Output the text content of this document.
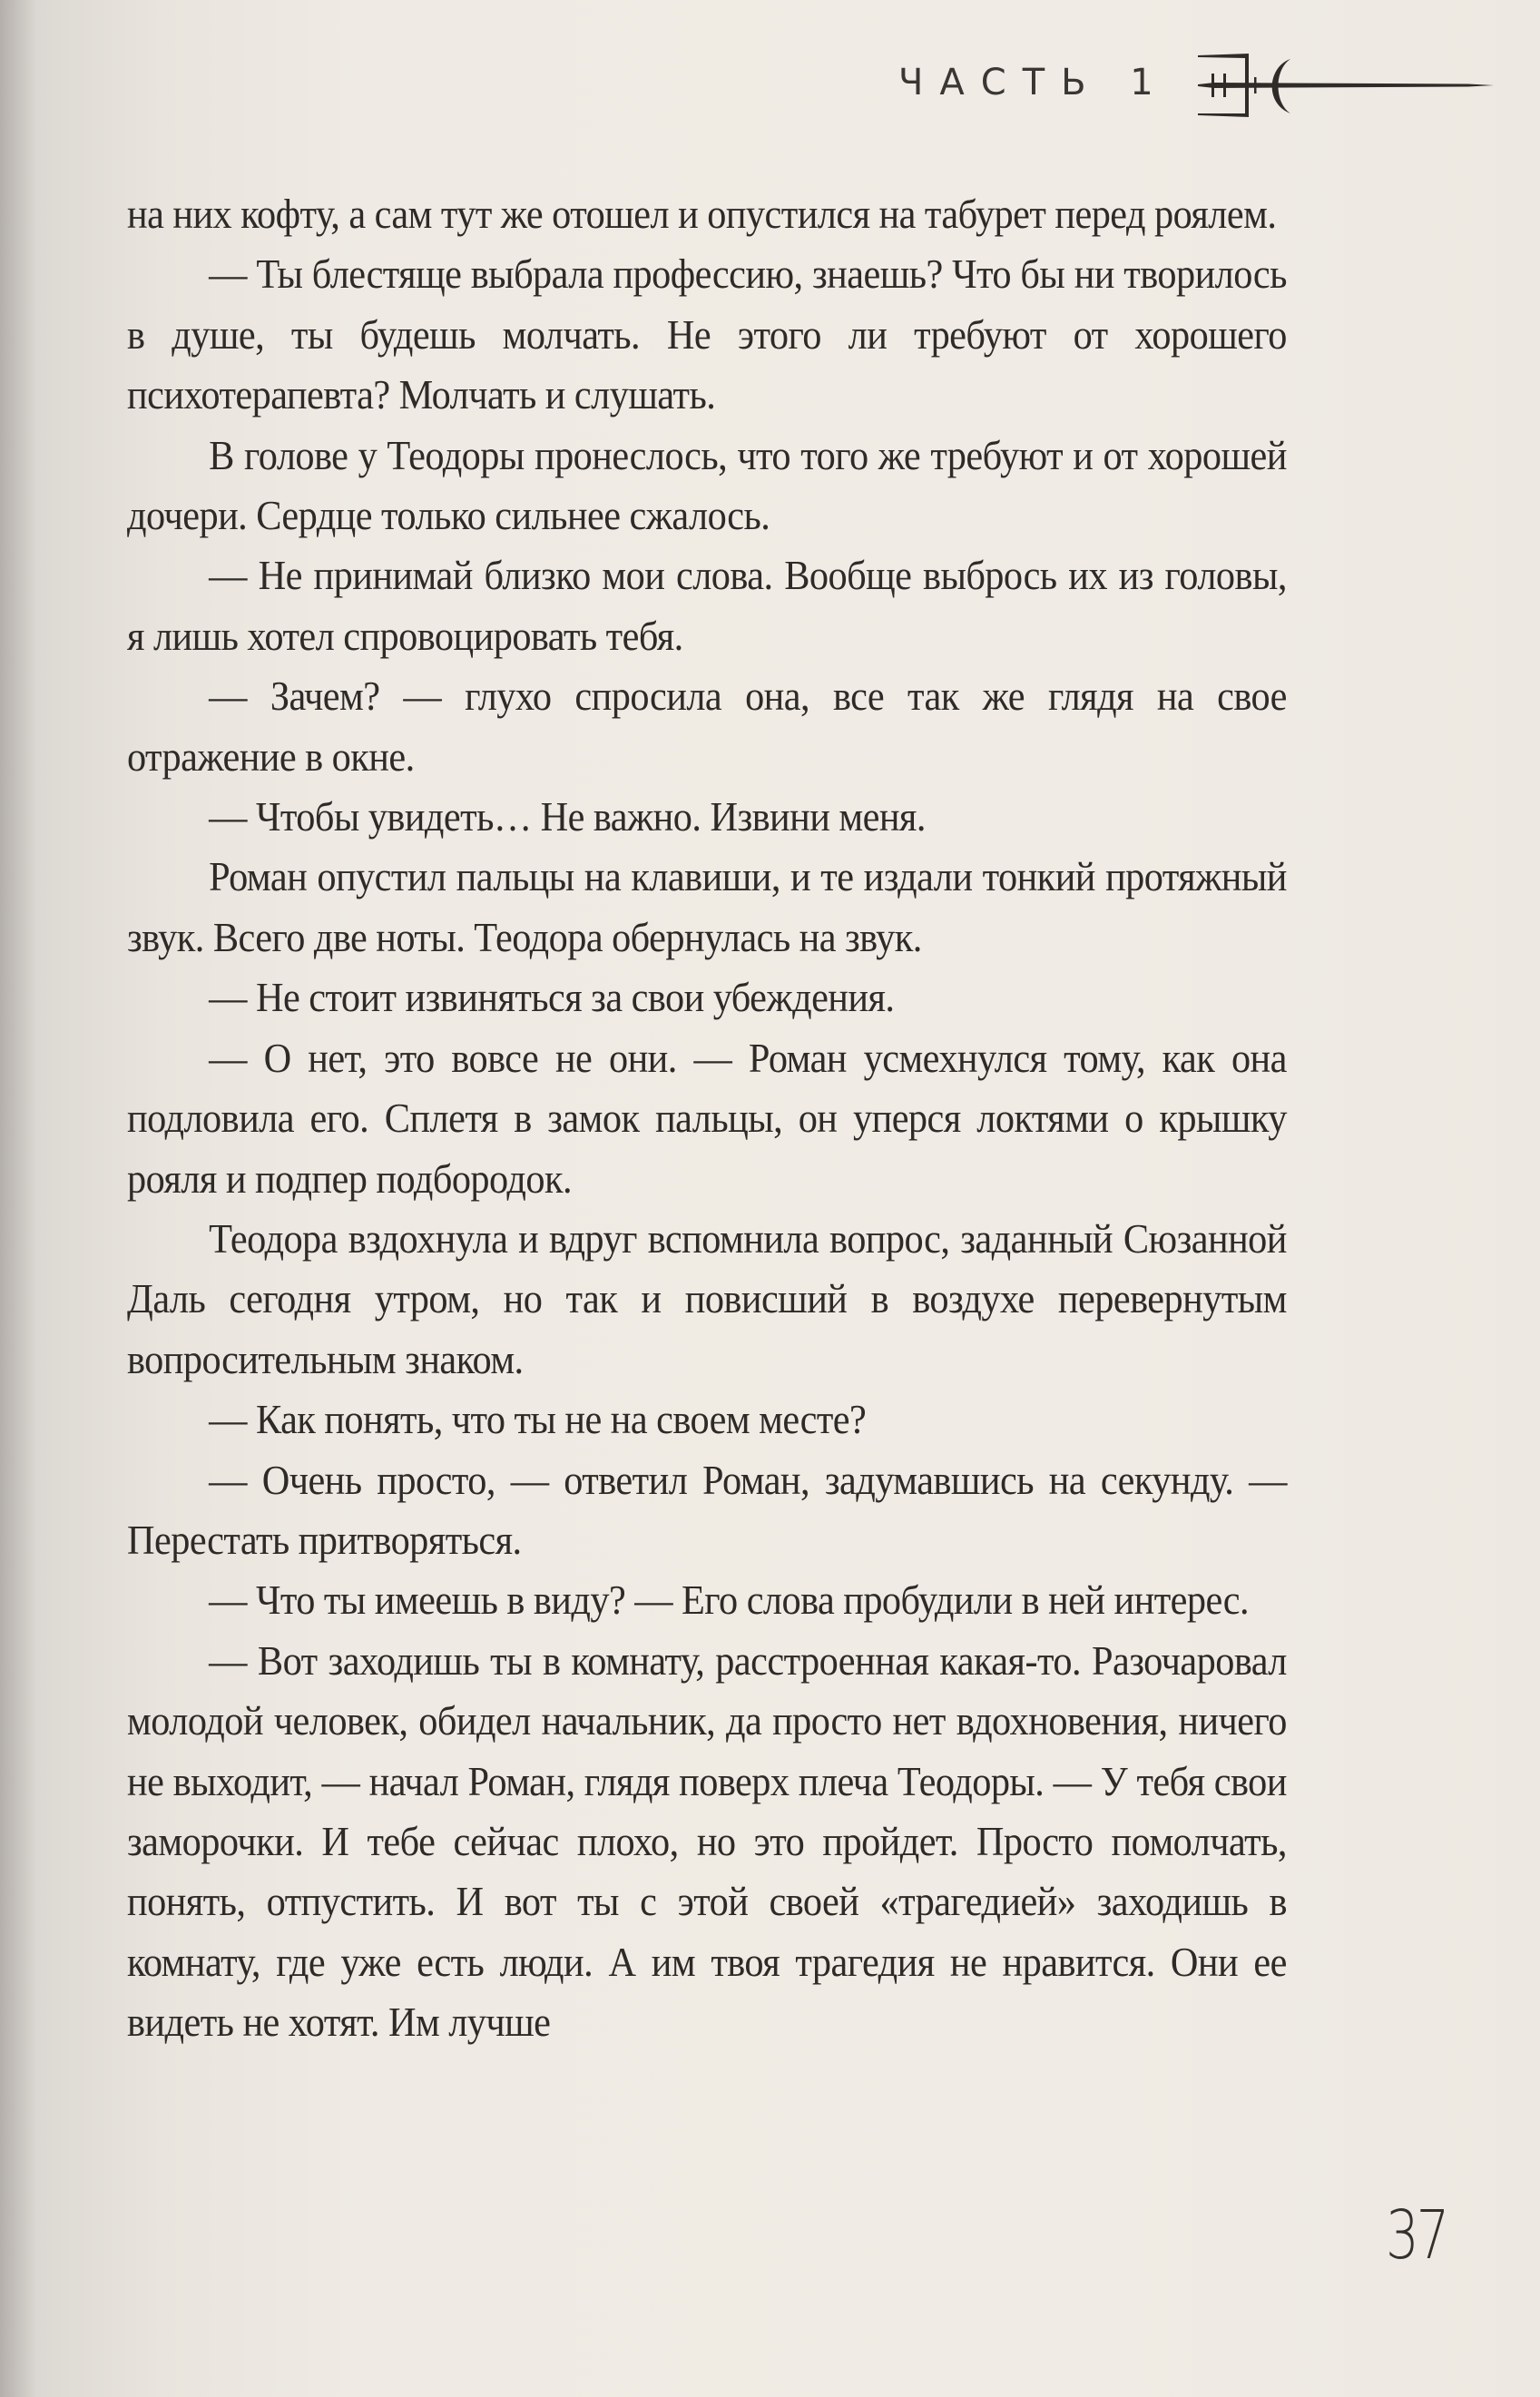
ЧАСТЬ 1

на них кофту, а сам тут же отошел и опустился на табурет перед роялем.

— Ты блестяще выбрала профессию, знаешь? Что бы ни творилось в душе, ты будешь молчать. Не этого ли требуют от хорошего психотерапевта? Молчать и слушать.

В голове у Теодоры пронеслось, что того же требуют и от хорошей дочери. Сердце только сильнее сжалось.

— Не принимай близко мои слова. Вообще выбрось их из головы, я лишь хотел спровоцировать тебя.

— Зачем? — глухо спросила она, все так же глядя на свое отражение в окне.

— Чтобы увидеть… Не важно. Извини меня.

Роман опустил пальцы на клавиши, и те издали тонкий протяжный звук. Всего две ноты. Теодора обернулась на звук.

— Не стоит извиняться за свои убеждения.

— О нет, это вовсе не они. — Роман усмехнулся тому, как она подловила его. Сплетя в замок пальцы, он уперся локтями о крышку рояля и подпер подбородок.

Теодора вздохнула и вдруг вспомнила вопрос, заданный Сюзанной Даль сегодня утром, но так и повисший в воздухе перевернутым вопросительным знаком.

— Как понять, что ты не на своем месте?

— Очень просто, — ответил Роман, задумавшись на секунду. — Перестать притворяться.

— Что ты имеешь в виду? — Его слова пробудили в ней интерес.

— Вот заходишь ты в комнату, расстроенная какая-то. Разочаровал молодой человек, обидел начальник, да просто нет вдохновения, ничего не выходит, — начал Роман, глядя поверх плеча Теодоры. — У тебя свои заморочки. И тебе сейчас плохо, но это пройдет. Просто помолчать, понять, отпустить. И вот ты с этой своей «трагедией» заходишь в комнату, где уже есть люди. А им твоя трагедия не нравится. Они ее видеть не хотят. Им лучше

37
